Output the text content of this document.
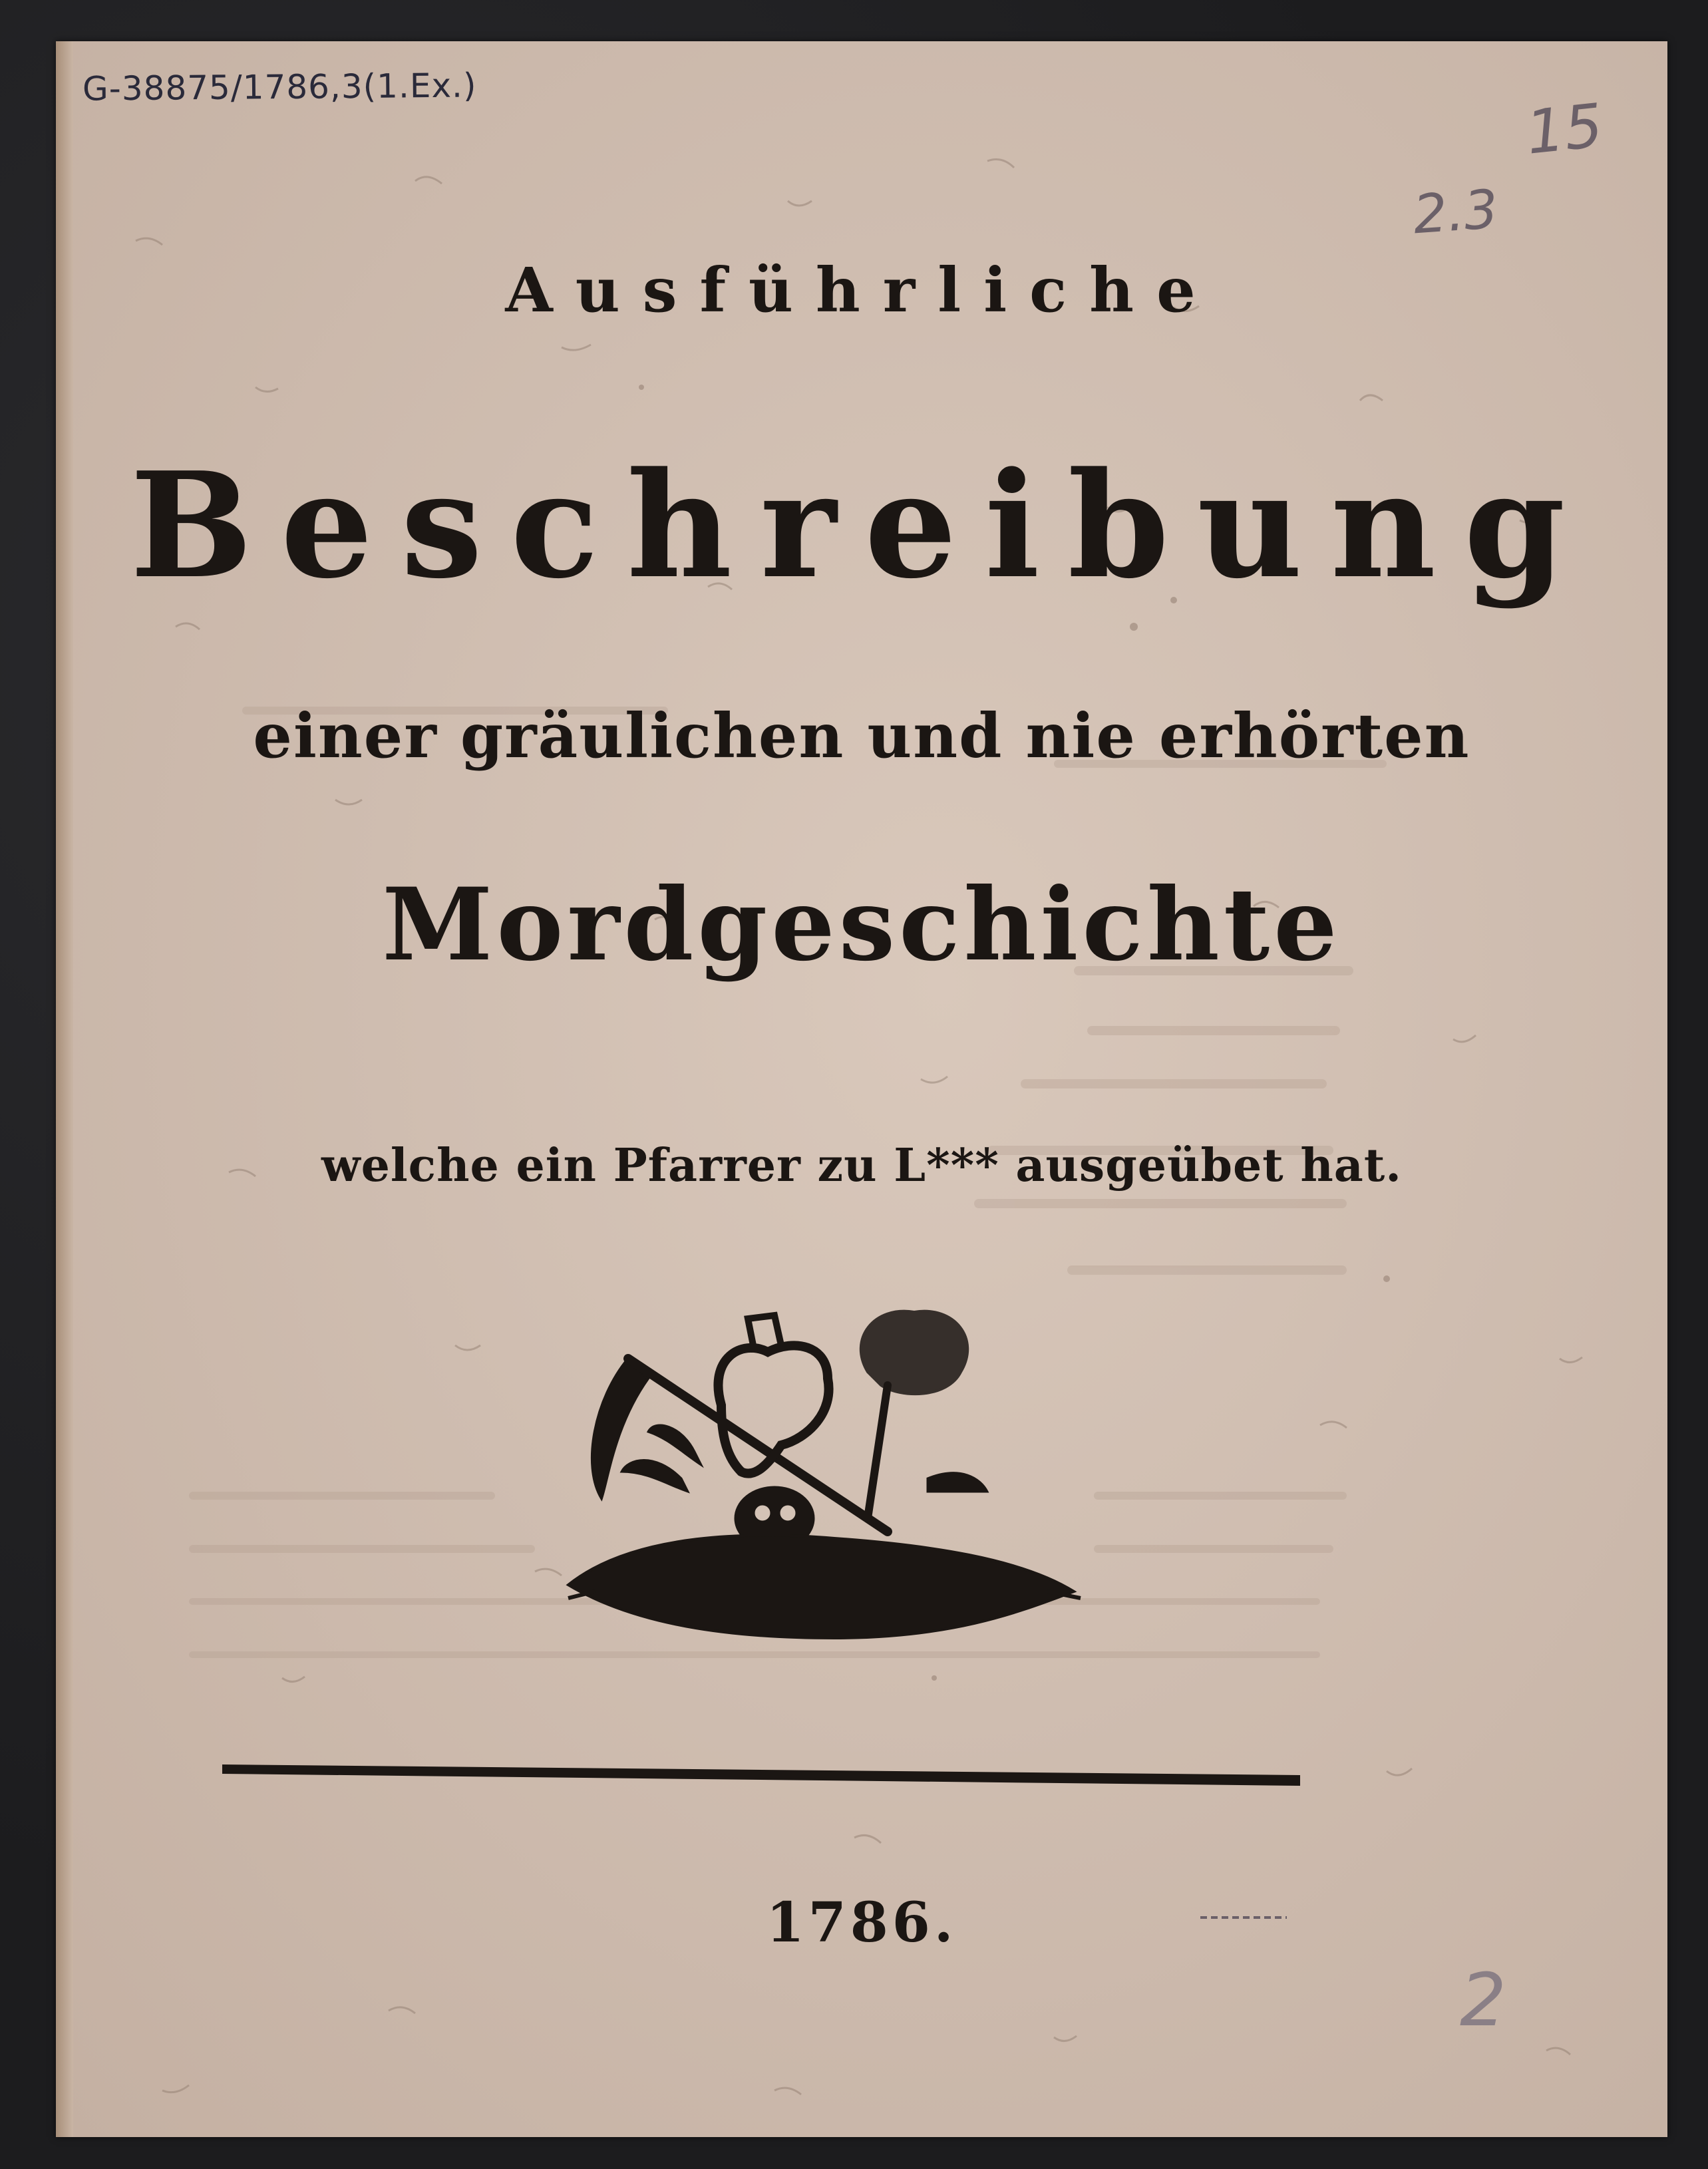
G-38875/1786,3(1.Ex.)
15
2.3
2
Ausführliche
Beschreibung
einer gräulichen und nie erhörten
Mordgeschichte
welche ein Pfarrer zu L*** ausgeübet hat.
1786.
